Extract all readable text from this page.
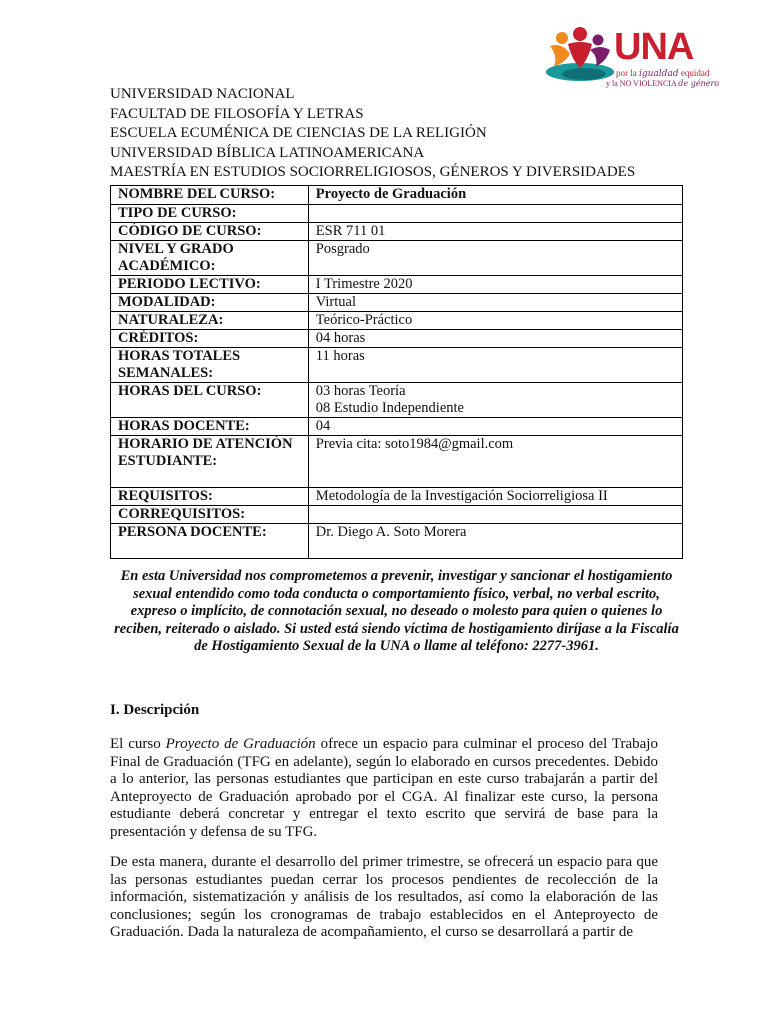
UNA
por la igualdad equidad
y la NO VIOLENCIA de género
UNIVERSIDAD NACIONAL
FACULTAD DE FILOSOFÍA Y LETRAS
ESCUELA ECUMÉNICA DE CIENCIAS DE LA RELIGIÓN
UNIVERSIDAD BÍBLICA LATINOAMERICANA
MAESTRÍA EN ESTUDIOS SOCIORRELIGIOSOS, GÉNEROS Y DIVERSIDADES
NOMBRE DEL CURSO:	Proyecto de Graduación
TIPO DE CURSO:	
CÓDIGO DE CURSO:	ESR 711 01
NIVEL Y GRADO ACADÉMICO:	Posgrado
PERIODO LECTIVO:	I Trimestre 2020
MODALIDAD:	Virtual
NATURALEZA:	Teórico-Práctico
CRÉDITOS:	04 horas
HORAS TOTALES SEMANALES:	11 horas
HORAS DEL CURSO:	03 horas Teoría
08 Estudio Independiente

HORAS DOCENTE:	04
HORARIO DE ATENCIÓN ESTUDIANTE:	Previa cita: soto1984@gmail.com
REQUISITOS:	Metodología de la Investigación Sociorreligiosa II
CORREQUISITOS:	
PERSONA DOCENTE:	Dr. Diego A. Soto Morera
En esta Universidad nos comprometemos a prevenir, investigar y sancionar el hostigamiento sexual entendido como toda conducta o comportamiento físico, verbal, no verbal escrito, expreso o implícito, de connotación sexual, no deseado o molesto para quien o quienes lo reciben, reiterado o aislado. Si usted está siendo víctima de hostigamiento diríjase a la Fiscalía de Hostigamiento Sexual de la UNA o llame al teléfono: 2277-3961.
I. Descripción
El curso Proyecto de Graduación ofrece un espacio para culminar el proceso del Trabajo Final de Graduación (TFG en adelante), según lo elaborado en cursos precedentes. Debido a lo anterior, las personas estudiantes que participan en este curso trabajarán a partir del Anteproyecto de Graduación aprobado por el CGA. Al finalizar este curso, la persona estudiante deberá concretar y entregar el texto escrito que servirá de base para la presentación y defensa de su TFG.
De esta manera, durante el desarrollo del primer trimestre, se ofrecerá un espacio para que las personas estudiantes puedan cerrar los procesos pendientes de recolección de la información, sistematización y análisis de los resultados, así como la elaboración de las conclusiones; según los cronogramas de trabajo establecidos en el Anteproyecto de Graduación. Dada la naturaleza de acompañamiento, el curso se desarrollará a partir de
